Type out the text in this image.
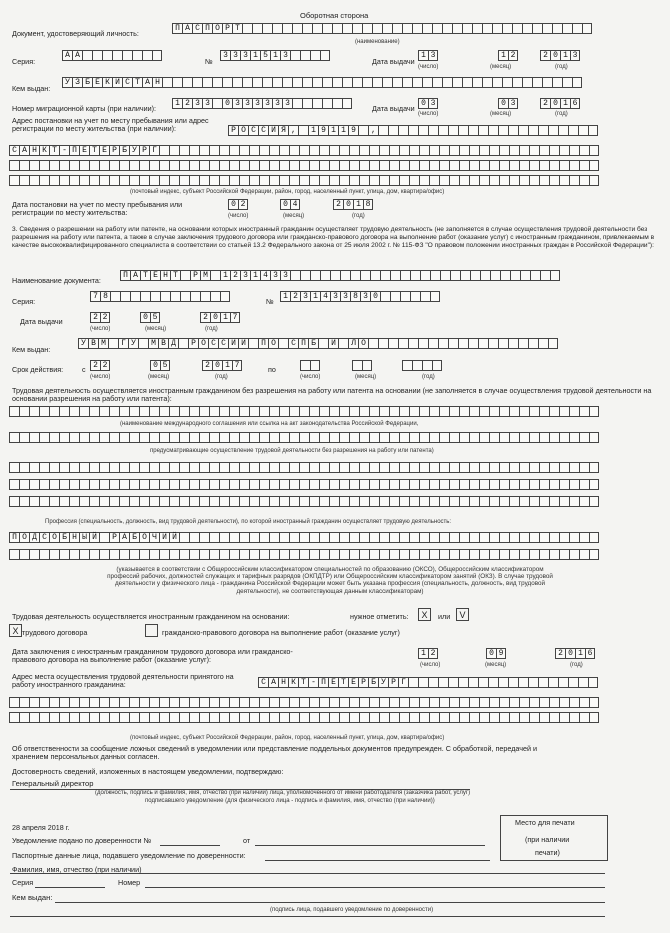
Оборотная сторона
Документ, удостоверяющий личность:
П А С П О Р Т
(наименование)
Серия:
А А
№
3 3 3 1 5 1 3
Дата выдачи
1 3	1 2	2 0 1 3
(число)	(месяц)	(год)
Кем выдан:
У З Б Е К И С Т А Н
Номер миграционной карты (при наличии):
1 2 3 3	0 3 3 3 3 3 3
Дата выдачи
0 3	0 3	2 0 1 6
(число)	(месяц)	(год)
Адрес постановки на учет по месту пребывания или адрес регистрации по месту жительства (при наличии):	Р О С С И Я ,	1 9 1 1 9	,
С А Н К Т - П Е Т Е Р Б У Р Г
(почтовый индекс, субъект Российской Федерации, район, город, населенный пункт, улица, дом, квартира/офис)
Дата постановки на учет по месту пребывания или регистрации по месту жительства:
0 2	0 4	2 0 1 8
(число)	(месяц)	(год)
3. Сведения о разрешении на работу или патенте, на основании которых иностранный гражданин осуществляет трудовую деятельность (не заполняется в случае осуществления трудовой деятельности без разрешения на работу или патента, а также в случае заключения трудового договора или гражданско-правового договора на выполнение работ (оказание услуг) с иностранным гражданином, привлекаемым в качестве высококвалифицированного специалиста в соответствии со статьей 13.2 Федерального закона от 25 июля 2002 г. № 115-ФЗ "О правовом положении иностранных граждан в Российской Федерации"):
Наименование документа:
П А Т Е Н Т	Р М	1 2 3 1 4 3 3
Серия:
7 8
№
1 2 3 1 4 3 3 8 3 0
Дата выдачи	2 2	0 5	2 0 1 7
(число)	(месяц)	(год)
Кем выдан:
У В М	Г У	М В Д	Р О С С И И	П О	С П Б	И	Л О
Срок действия:	с 2 2	0 5	2 0 1 7	по
(число)	(месяц)	(год)	(число)	(месяц)	(год)
Трудовая деятельность осуществляется иностранным гражданином без разрешения на работу или патента на основании (не заполняется в случае осуществления трудовой деятельности на основании разрешения на работу или патента):
(наименование международного соглашения или ссылка на акт законодательства Российской Федерации,
предусматривающие осуществление трудовой деятельности без разрешения на работу или патента)
Профессия (специальность, должность, вид трудовой деятельности), по которой иностранный гражданин осуществляет трудовую деятельность:
П О Д С О Б Н Ы Й	Р А Б О Ч И Й
(указывается в соответствии с Общероссийским классификатором специальностей по образованию (ОКСО), Общероссийским классификатором профессий рабочих, должностей служащих и тарифных разрядов (ОКПДТР) или Общероссийским классификатором занятий (ОКЗ). В случае трудовой деятельности у физического лица - гражданина Российской Федерации может быть указана профессия (специальность, должность, вид трудовой деятельности), не соответствующая данным классификаторам)
Трудовая деятельность осуществляется иностранным гражданином на основании:	нужное отметить:	X	или	V
X трудового договора	гражданско-правового договора на выполнение работ (оказание услуг)
Дата заключения с иностранным гражданином трудового договора или гражданско-правового договора на выполнение работ (оказание услуг):
1 2	0 9	2 0 1 6
(число)	(месяц)	(год)
Адрес места осуществления трудовой деятельности принятого на работу иностранного гражданина:	С А Н К Т - П Е Т Е Р Б У Р Г
(почтовый индекс, субъект Российской Федерации, район, город, населенный пункт, улица, дом, квартира/офис)
Об ответственности за сообщение ложных сведений в уведомлении или представление поддельных документов предупрежден. С обработкой, передачей и хранением персональных данных согласен.
Достоверность сведений, изложенных в настоящем уведомлении, подтверждаю:
Генеральный директор
(должность, подпись и фамилия, имя, отчество (при наличии) лица, уполномоченного от имени работодателя (заказчика работ, услуг)
подписавшего уведомление (для физического лица - подпись и фамилия, имя, отчество (при наличии))
28 апреля 2018 г.
Место для печати
(при наличии
печати)
Уведомление подано по доверенности №	от
Паспортные данные лица, подавшего уведомление по доверенности:
Фамилия, имя, отчество (при наличии)
Серия	Номер
Кем выдан:
(подпись лица, подавшего уведомление по доверенности)
